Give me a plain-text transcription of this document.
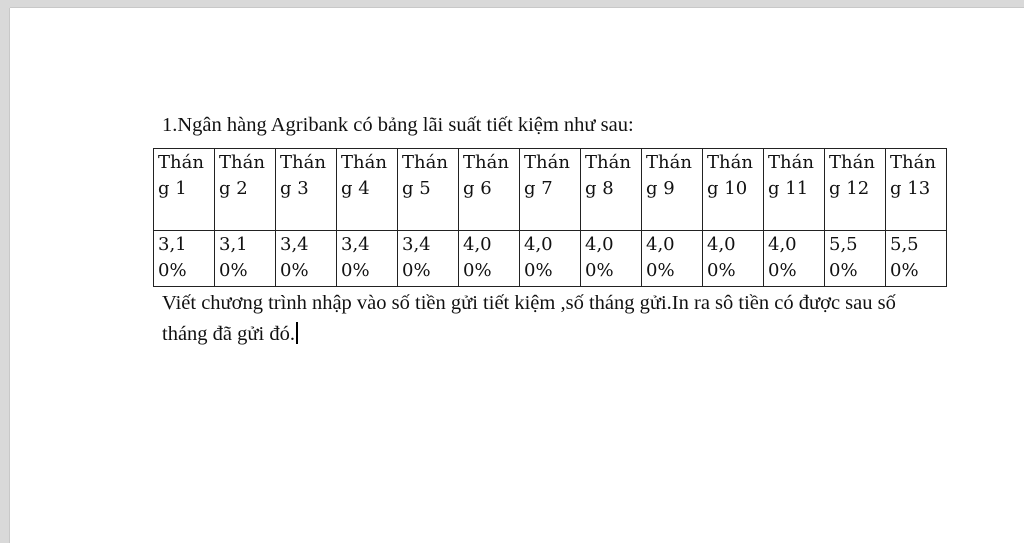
1.Ngân hàng Agribank có bảng lãi suất tiết kiệm như sau:

Tháng 1	Tháng 2	Tháng 3	Tháng 4	Tháng 5	Tháng 6	Tháng 7	Tháng 8	Tháng 9	Tháng 10	Tháng 11	Tháng 12	Tháng 13
3,10%	3,10%	3,40%	3,40%	3,40%	4,00%	4,00%	4,00%	4,00%	4,00%	4,00%	5,50%	5,50%

Viết chương trình nhập vào số tiền gửi tiết kiệm ,số tháng gửi.In ra sô tiền có được sau số tháng đã gửi đó.
